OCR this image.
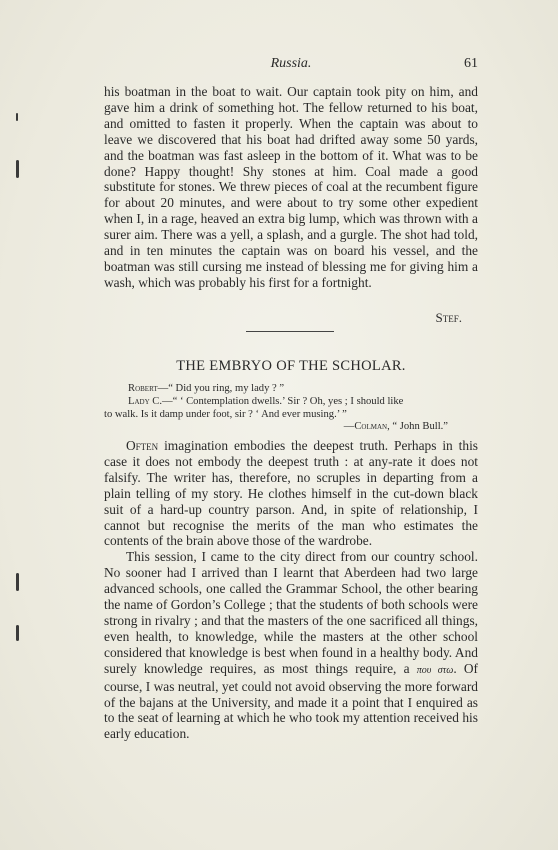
Russia.	61

his boatman in the boat to wait. Our captain took pity on him, and gave him a drink of something hot. The fellow returned to his boat, and omitted to fasten it properly. When the captain was about to leave we discovered that his boat had drifted away some 50 yards, and the boatman was fast asleep in the bottom of it. What was to be done? Happy thought! Shy stones at him. Coal made a good substitute for stones. We threw pieces of coal at the recumbent figure for about 20 minutes, and were about to try some other expedient when I, in a rage, heaved an extra big lump, which was thrown with a surer aim. There was a yell, a splash, and a gurgle. The shot had told, and in ten minutes the captain was on board his vessel, and the boatman was still cursing me instead of blessing me for giving him a wash, which was probably his first for a fortnight.

Stef.
THE EMBRYO OF THE SCHOLAR.
Robert—“ Did you ring, my lady ? ”
Lady C.—“ ‘ Contemplation dwells.’ Sir ? Oh, yes ; I should like
to walk. Is it damp under foot, sir ? ‘ And ever musing.’ ”
—Colman, “ John Bull.”

Often imagination embodies the deepest truth. Perhaps in this case it does not embody the deepest truth : at any-rate it does not falsify. The writer has, therefore, no scruples in departing from a plain telling of my story. He clothes himself in the cut-down black suit of a hard-up country parson. And, in spite of relationship, I cannot but recognise the merits of the man who estimates the contents of the brain above those of the wardrobe.

This session, I came to the city direct from our country school. No sooner had I arrived than I learnt that Aberdeen had two large advanced schools, one called the Grammar School, the other bearing the name of Gordon’s College ; that the students of both schools were strong in rivalry ; and that the masters of the one sacrificed all things, even health, to knowledge, while the masters at the other school considered that knowledge is best when found in a healthy body. And surely knowledge requires, as most things require, a που στω. Of course, I was neutral, yet could not avoid observing the more forward of the bajans at the University, and made it a point that I enquired as to the seat of learning at which he who took my attention received his early education.
